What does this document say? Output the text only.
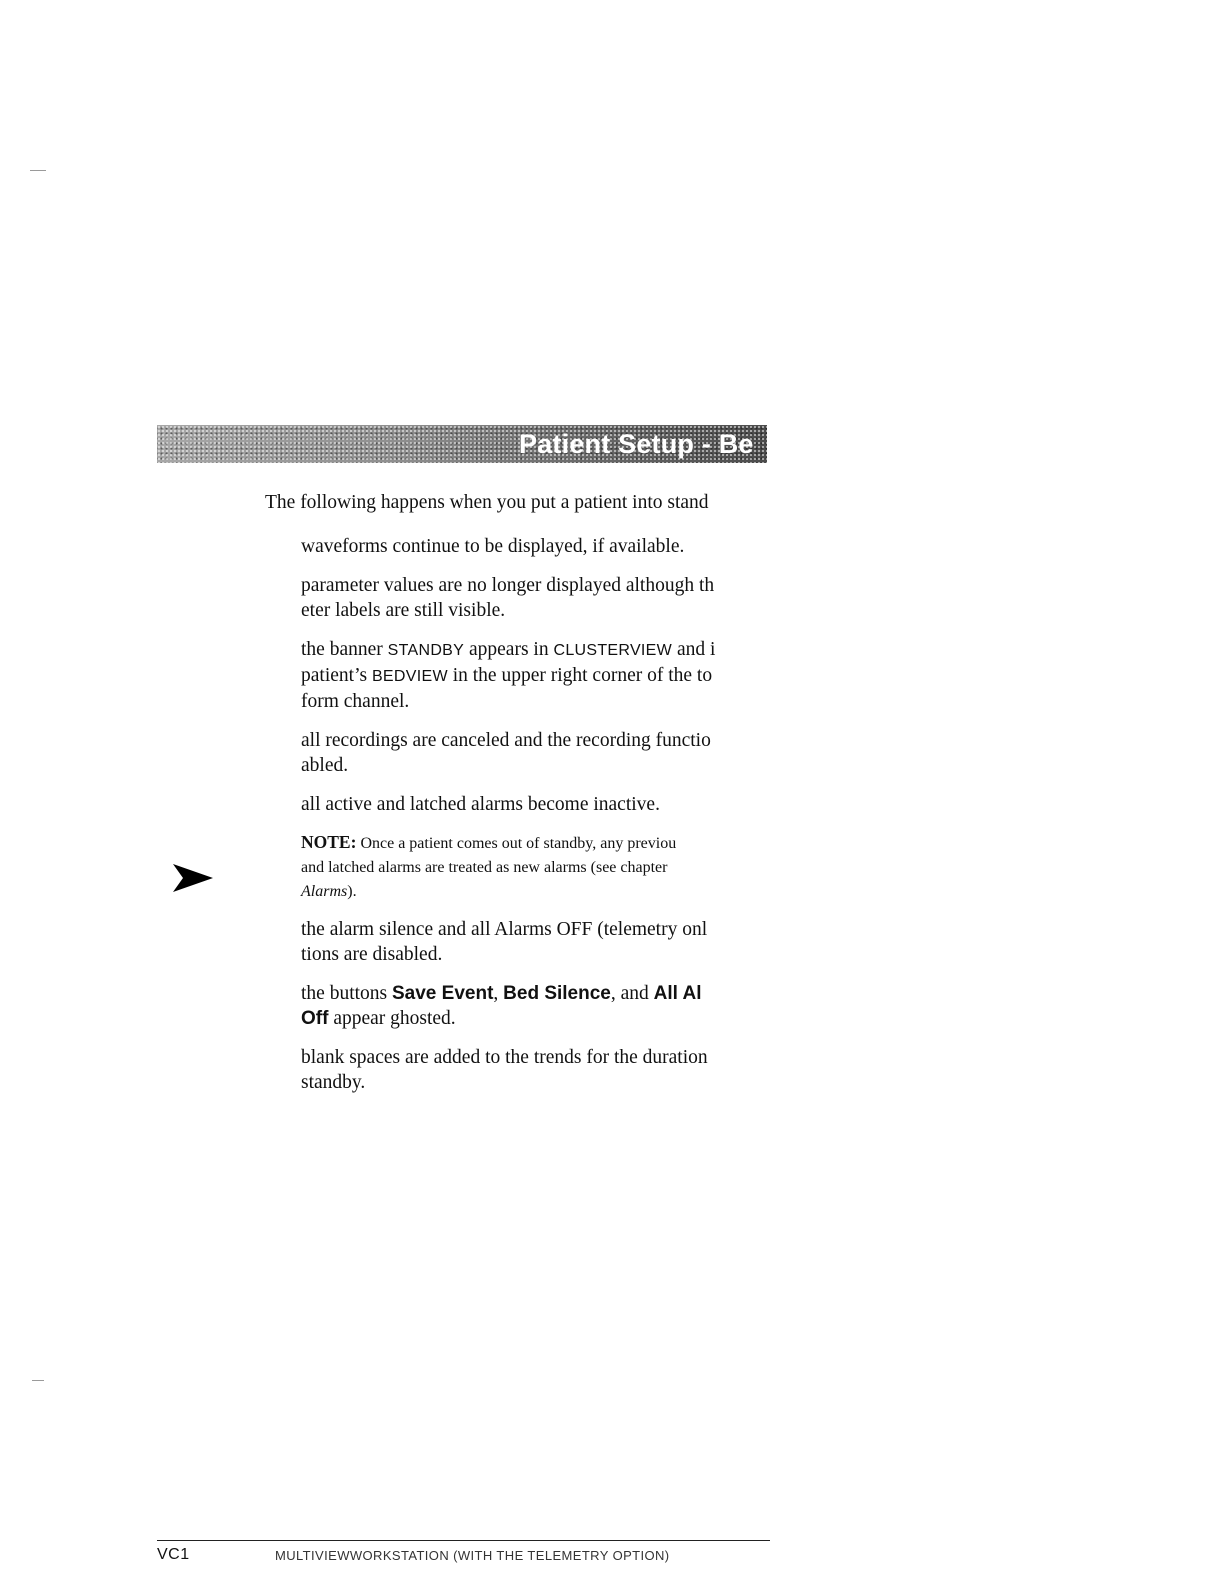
Patient Setup - Be

The following happens when you put a patient into stand

waveforms continue to be displayed, if available.
parameter values are no longer displayed although th
eter labels are still visible.
the banner STANDBY appears in CLUSTERVIEW and i
patient’s BEDVIEW in the upper right corner of the to
form channel.
all recordings are canceled and the recording functio
abled.
all active and latched alarms become inactive.
NOTE: Once a patient comes out of standby, any previou
and latched alarms are treated as new alarms (see chapter
Alarms).
the alarm silence and all Alarms OFF (telemetry onl
tions are disabled.
the buttons Save Event, Bed Silence, and All Al
Off appear ghosted.
blank spaces are added to the trends for the duration
standby.
VC1	MULTIVIEWWORKSTATION (WITH THE TELEMETRY OPTION)
